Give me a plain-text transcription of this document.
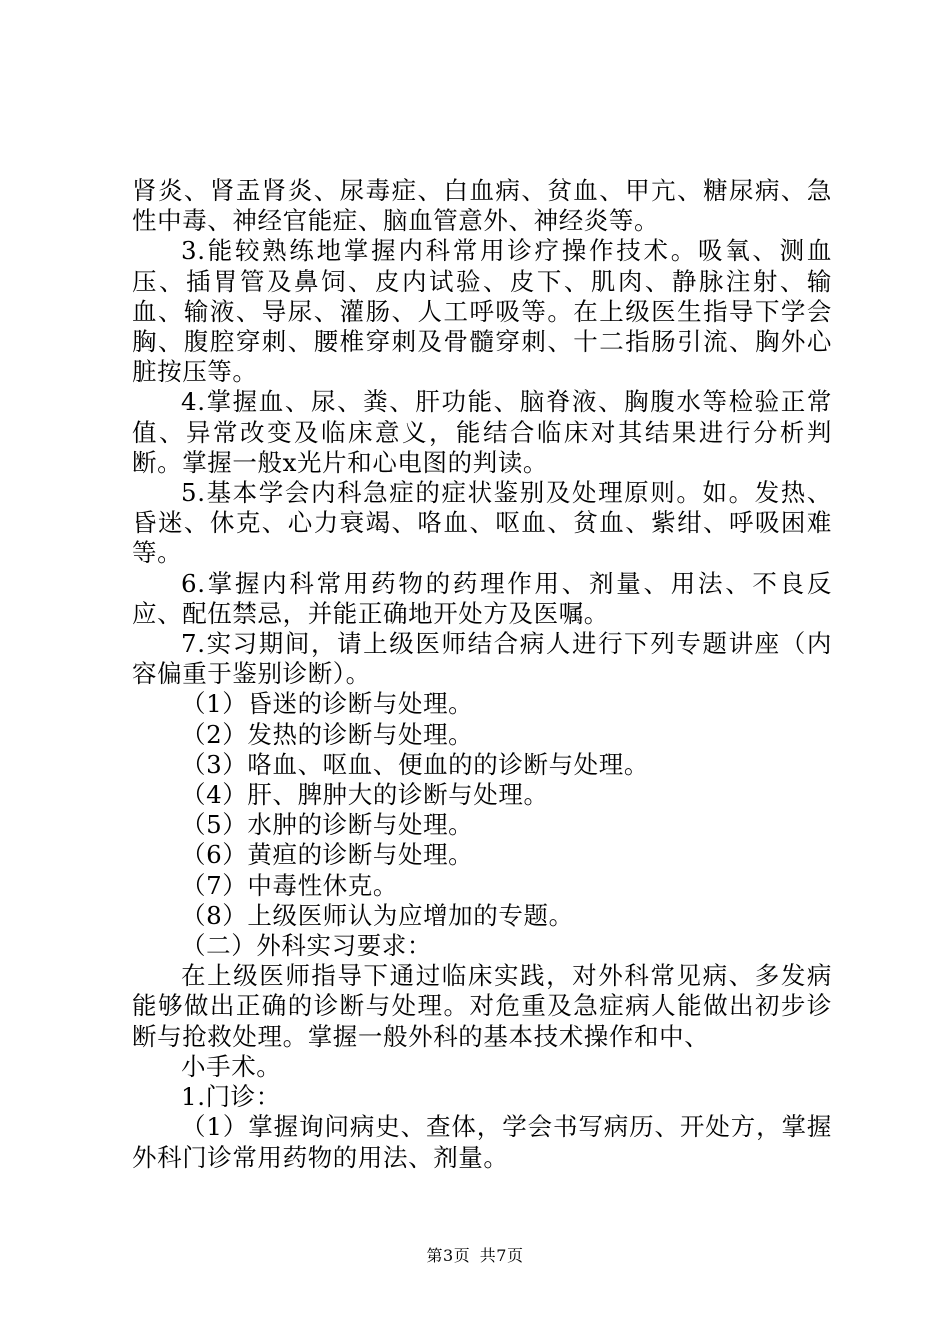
肾炎、肾盂肾炎、尿毒症、白血病、贫血、甲亢、糖尿病、急性中毒、神经官能症、脑血管意外、神经炎等。

3.能较熟练地掌握内科常用诊疗操作技术。吸氧、测血压、插胃管及鼻饲、皮内试验、皮下、肌肉、静脉注射、输血、输液、导尿、灌肠、人工呼吸等。在上级医生指导下学会胸、腹腔穿刺、腰椎穿刺及骨髓穿刺、十二指肠引流、胸外心脏按压等。

4.掌握血、尿、粪、肝功能、脑脊液、胸腹水等检验正常值、异常改变及临床意义，能结合临床对其结果进行分析判断。掌握一般x光片和心电图的判读。

5.基本学会内科急症的症状鉴别及处理原则。如。发热、昏迷、休克、心力衰竭、咯血、呕血、贫血、紫绀、呼吸困难等。

6.掌握内科常用药物的药理作用、剂量、用法、不良反应、配伍禁忌，并能正确地开处方及医嘱。

7.实习期间，请上级医师结合病人进行下列专题讲座（内容偏重于鉴别诊断）。

（1）昏迷的诊断与处理。

（2）发热的诊断与处理。

（3）咯血、呕血、便血的的诊断与处理。

（4）肝、脾肿大的诊断与处理。

（5）水肿的诊断与处理。

（6）黄疸的诊断与处理。

（7）中毒性休克。

（8）上级医师认为应增加的专题。

（二）外科实习要求：

在上级医师指导下通过临床实践，对外科常见病、多发病能够做出正确的诊断与处理。对危重及急症病人能做出初步诊断与抢救处理。掌握一般外科的基本技术操作和中、

小手术。

1.门诊：

（1）掌握询问病史、查体，学会书写病历、开处方，掌握外科门诊常用药物的用法、剂量。

第3页 共7页
